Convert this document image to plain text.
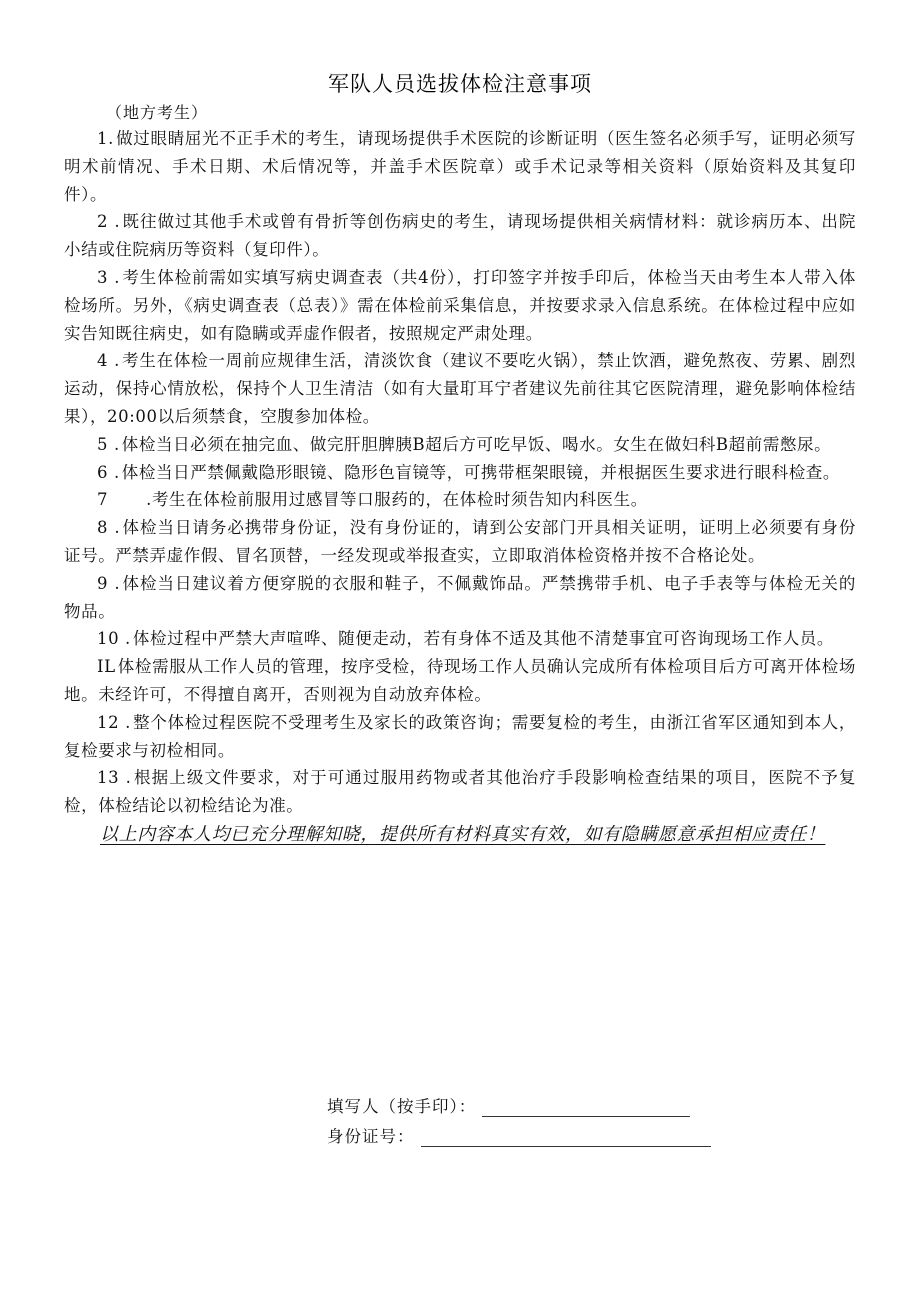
军队人员选拔体检注意事项
（地方考生）

1. 做过眼睛屈光不正手术的考生，请现场提供手术医院的诊断证明（医生签名必须手写，证明必须写明术前情况、手术日期、术后情况等，并盖手术医院章）或手术记录等相关资料（原始资料及其复印件）。

2 . 既往做过其他手术或曾有骨折等创伤病史的考生，请现场提供相关病情材料：就诊病历本、出院小结或住院病历等资料（复印件）。

3 . 考生体检前需如实填写病史调查表（共4份），打印签字并按手印后，体检当天由考生本人带入体检场所。另外，《病史调查表（总表）》需在体检前采集信息，并按要求录入信息系统。在体检过程中应如实告知既往病史，如有隐瞒或弄虚作假者，按照规定严肃处理。

4 . 考生在体检一周前应规律生活，清淡饮食（建议不要吃火锅），禁止饮酒，避免熬夜、劳累、剧烈运动，保持心情放松，保持个人卫生清洁（如有大量耵耳宁者建议先前往其它医院清理，避免影响体检结果），20:00以后须禁食，空腹参加体检。

5 . 体检当日必须在抽完血、做完肝胆脾胰B超后方可吃早饭、喝水。女生在做妇科B超前需憋尿。

6 . 体检当日严禁佩戴隐形眼镜、隐形色盲镜等，可携带框架眼镜，并根据医生要求进行眼科检查。

7 .考生在体检前服用过感冒等口服药的，在体检时须告知内科医生。

8 . 体检当日请务必携带身份证，没有身份证的，请到公安部门开具相关证明，证明上必须要有身份证号。严禁弄虚作假、冒名顶替，一经发现或举报查实，立即取消体检资格并按不合格论处。

9 . 体检当日建议着方便穿脱的衣服和鞋子，不佩戴饰品。严禁携带手机、电子手表等与体检无关的物品。

10 . 体检过程中严禁大声喧哗、随便走动，若有身体不适及其他不清楚事宜可咨询现场工作人员。

IL 体检需服从工作人员的管理，按序受检，待现场工作人员确认完成所有体检项目后方可离开体检场地。未经许可，不得擅自离开，否则视为自动放弃体检。

12 . 整个体检过程医院不受理考生及家长的政策咨询；需要复检的考生，由浙江省军区通知到本人，复检要求与初检相同。

13 . 根据上级文件要求，对于可通过服用药物或者其他治疗手段影响检查结果的项目，医院不予复检，体检结论以初检结论为准。

以上内容本人均已充分理解知晓，提供所有材料真实有效，如有隐瞒愿意承担相应责任！

填写人（按手印）：
身份证号：
